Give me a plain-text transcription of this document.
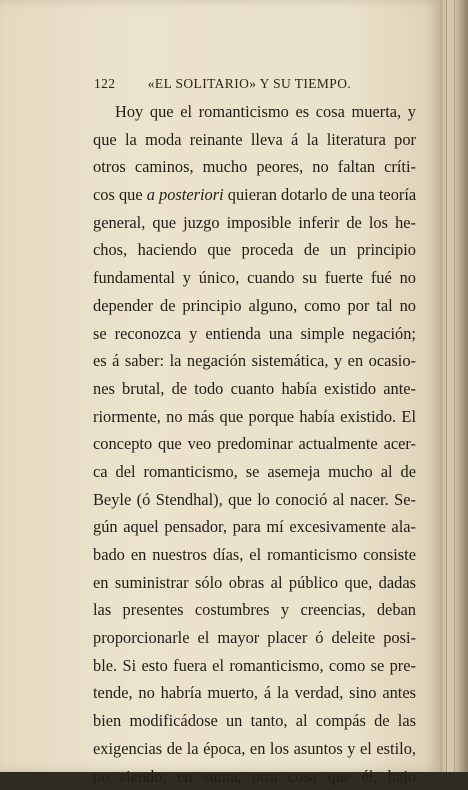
122 «EL SOLITARIO» Y SU TIEMPO.
Hoy que el romanticismo es cosa muerta, y
que la moda reinante lleva á la literatura por
otros caminos, mucho peores, no faltan críti-
cos que a posteriori quieran dotarlo de una teoría
general, que juzgo imposible inferir de los he-
chos, haciendo que proceda de un principio
fundamental y único, cuando su fuerte fué no
depender de principio alguno, como por tal no
se reconozca y entienda una simple negación;
es á saber: la negación sistemática, y en ocasio-
nes brutal, de todo cuanto había existido ante-
riormente, no más que porque había existido. El
concepto que veo predominar actualmente acer-
ca del romanticismo, se asemeja mucho al de
Beyle (ó Stendhal), que lo conoció al nacer. Se-
gún aquel pensador, para mí excesivamente ala-
bado en nuestros días, el romanticismo consiste
en suministrar sólo obras al público que, dadas
las presentes costumbres y creencias, deban
proporcionarle el mayor placer ó deleite posi-
ble. Si esto fuera el romanticismo, como se pre-
tende, no habría muerto, á la verdad, sino antes
bien modificádose un tanto, al compás de las
exigencias de la época, en los asuntos y el estilo,
no siendo, en suma, otra cosa que él, bajo
